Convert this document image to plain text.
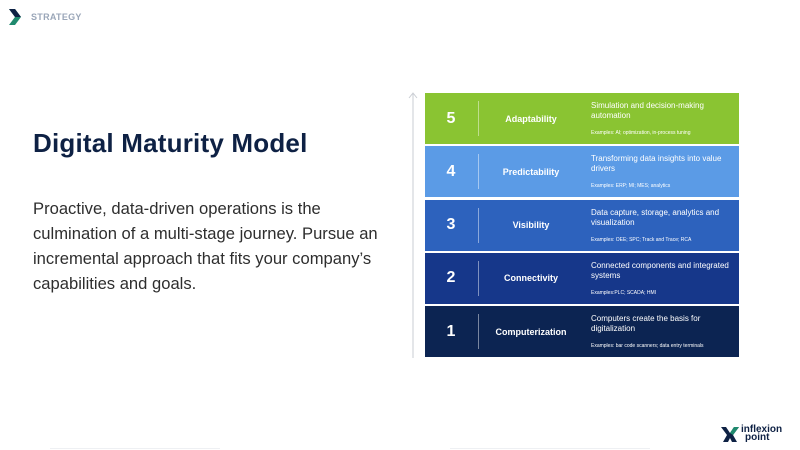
STRATEGY
Digital Maturity Model
Proactive, data-driven operations is the culmination of a multi-stage journey. Pursue an incremental approach that fits your company’s capabilities and goals.
5	Adaptability
Simulation and decision-making automation
Examples: AI; optimization, in-process tuning
4	Predictability
Transforming data insights into value drivers
Examples: ERP; MI; MES; analytics
3	Visibility
Data capture, storage, analytics and visualization
Examples: OEE; SPC; Track and Trace; RCA
2	Connectivity
Connected components and integrated systems
Examples:PLC; SCADA; HMI
1	Computerization
Computers create the basis for digitalization
Examples: bar code scanners; data entry terminals
inflexion
point
